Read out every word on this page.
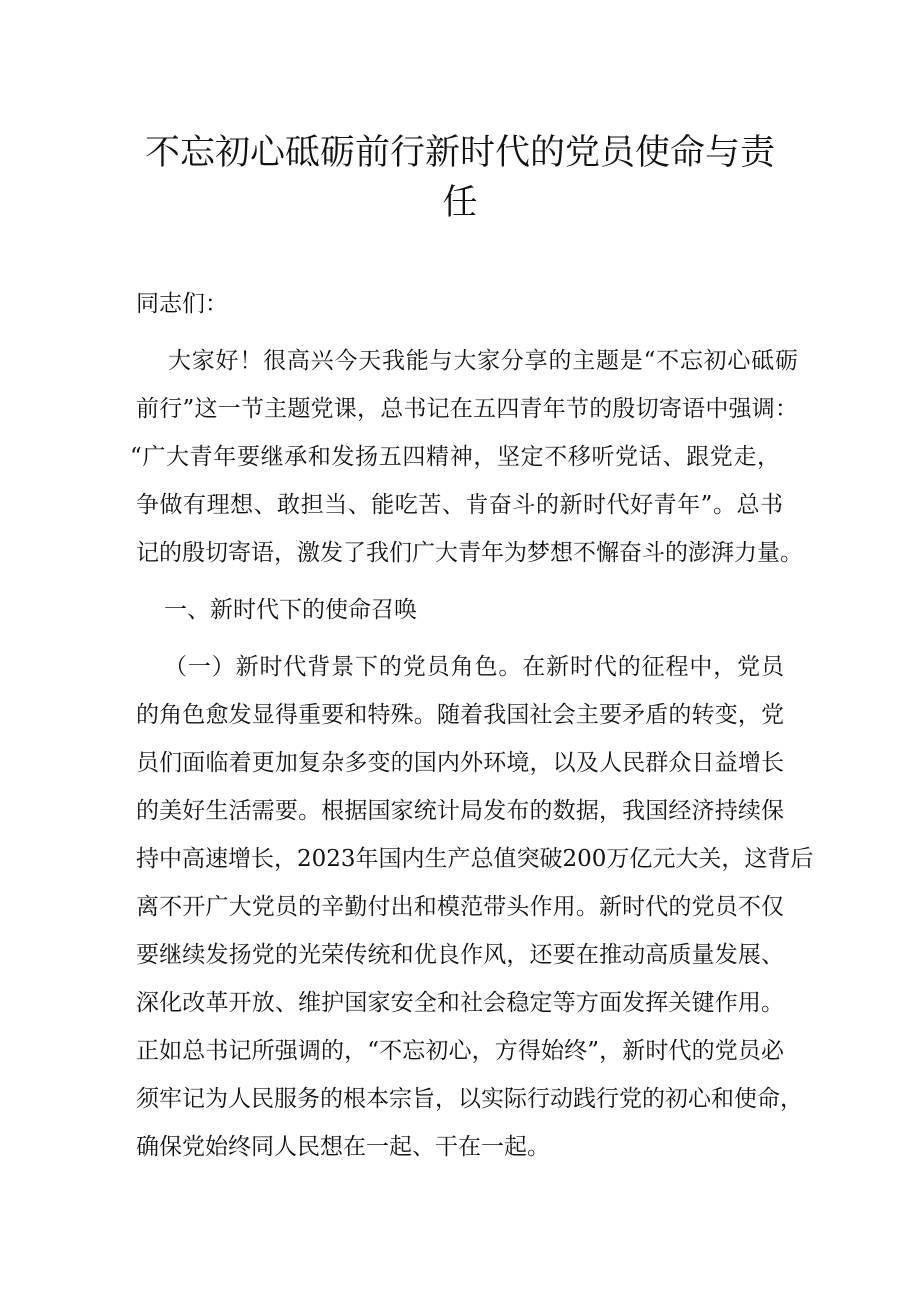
不忘初心砥砺前行新时代的党员使命与责
任

同志们：

大家好！很高兴今天我能与大家分享的主题是“不忘初心砥砺

前行”这一节主题党课，总书记在五四青年节的殷切寄语中强调：

“广大青年要继承和发扬五四精神，坚定不移听党话、跟党走，

争做有理想、敢担当、能吃苦、肯奋斗的新时代好青年”。总书

记的殷切寄语，激发了我们广大青年为梦想不懈奋斗的澎湃力量。

一、新时代下的使命召唤

（一）新时代背景下的党员角色。在新时代的征程中，党员

的角色愈发显得重要和特殊。随着我国社会主要矛盾的转变，党

员们面临着更加复杂多变的国内外环境，以及人民群众日益增长

的美好生活需要。根据国家统计局发布的数据，我国经济持续保

持中高速增长，2023年国内生产总值突破200万亿元大关，这背后

离不开广大党员的辛勤付出和模范带头作用。新时代的党员不仅

要继续发扬党的光荣传统和优良作风，还要在推动高质量发展、

深化改革开放、维护国家安全和社会稳定等方面发挥关键作用。

正如总书记所强调的，“不忘初心，方得始终”，新时代的党员必

须牢记为人民服务的根本宗旨，以实际行动践行党的初心和使命，

确保党始终同人民想在一起、干在一起。
